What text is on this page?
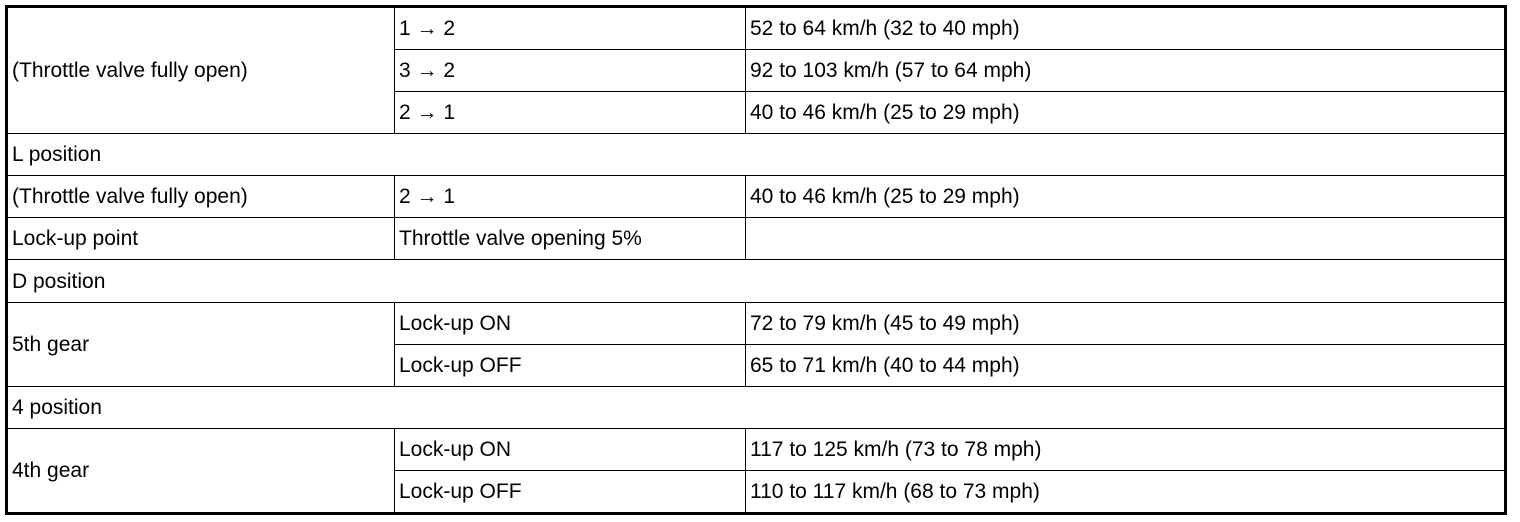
(Throttle valve fully open)	1 → 2	52 to 64 km/h (32 to 40 mph)
	3 → 2	92 to 103 km/h (57 to 64 mph)
	2 → 1	40 to 46 km/h (25 to 29 mph)
L position		
(Throttle valve fully open)	2 → 1	40 to 46 km/h (25 to 29 mph)
Lock-up point	Throttle valve opening 5%	
D position		
5th gear	Lock-up ON	72 to 79 km/h (45 to 49 mph)
	Lock-up OFF	65 to 71 km/h (40 to 44 mph)
4 position		
4th gear	Lock-up ON	117 to 125 km/h (73 to 78 mph)
	Lock-up OFF	110 to 117 km/h (68 to 73 mph)
